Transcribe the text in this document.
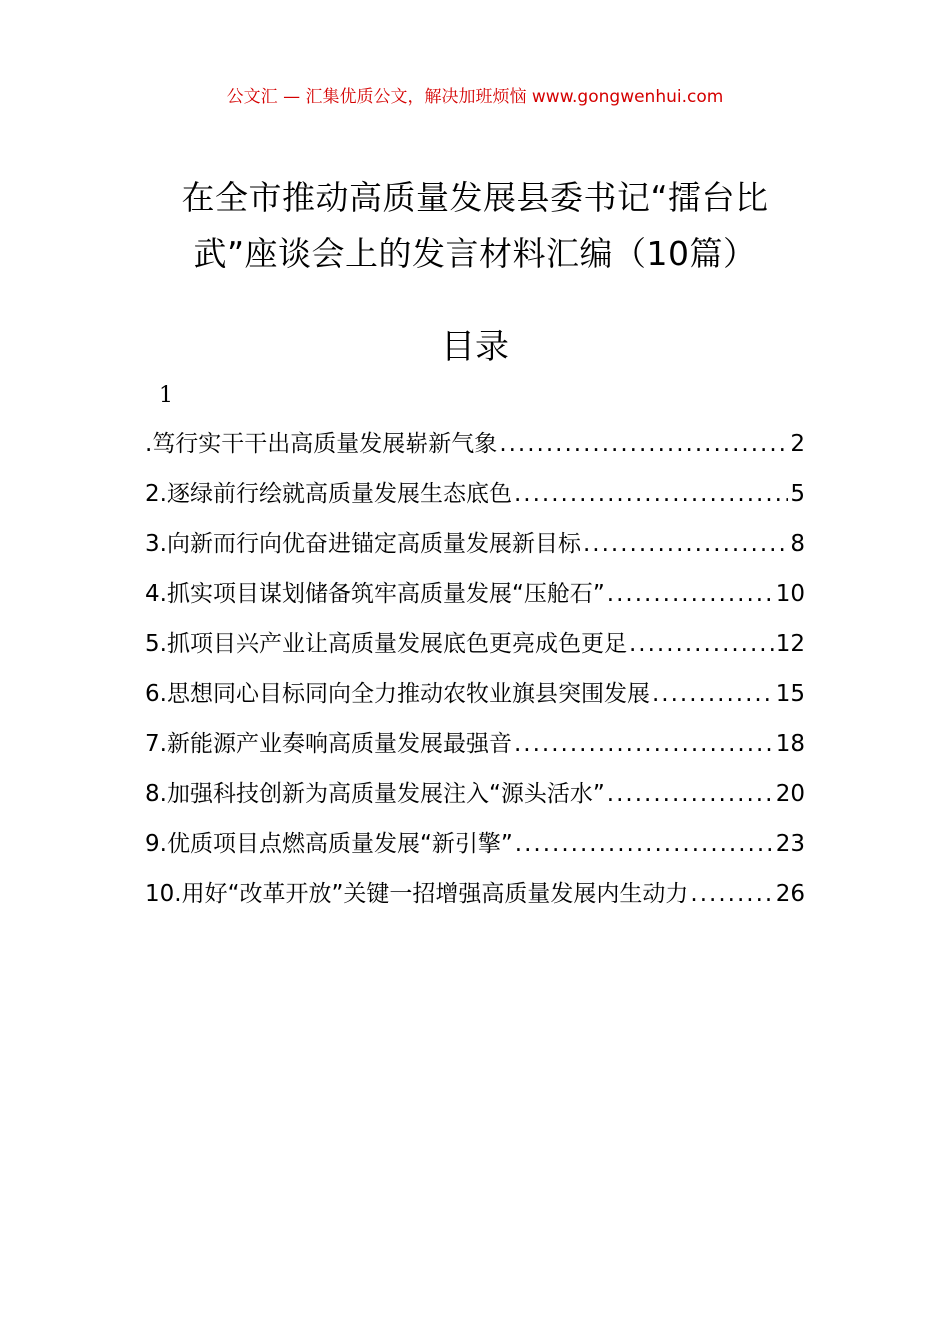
公文汇 — 汇集优质公文，解决加班烦恼 www.gongwenhui.com
在全市推动高质量发展县委书记“擂台比
武”座谈会上的发言材料汇编（10篇）
目录
1
.笃行实干干出高质量发展崭新气象 .....	2
2.逐绿前行绘就高质量发展生态底色 .....	5
3.向新而行向优奋进锚定高质量发展新目标 .....	8
4.抓实项目谋划储备筑牢高质量发展“压舱石” .....	10
5.抓项目兴产业让高质量发展底色更亮成色更足 .....	12
6.思想同心目标同向全力推动农牧业旗县突围发展 .....	15
7.新能源产业奏响高质量发展最强音 .....	18
8.加强科技创新为高质量发展注入“源头活水” .....	20
9.优质项目点燃高质量发展“新引擎” .....	23
10.用好“改革开放”关键一招增强高质量发展内生动力 .....	26
